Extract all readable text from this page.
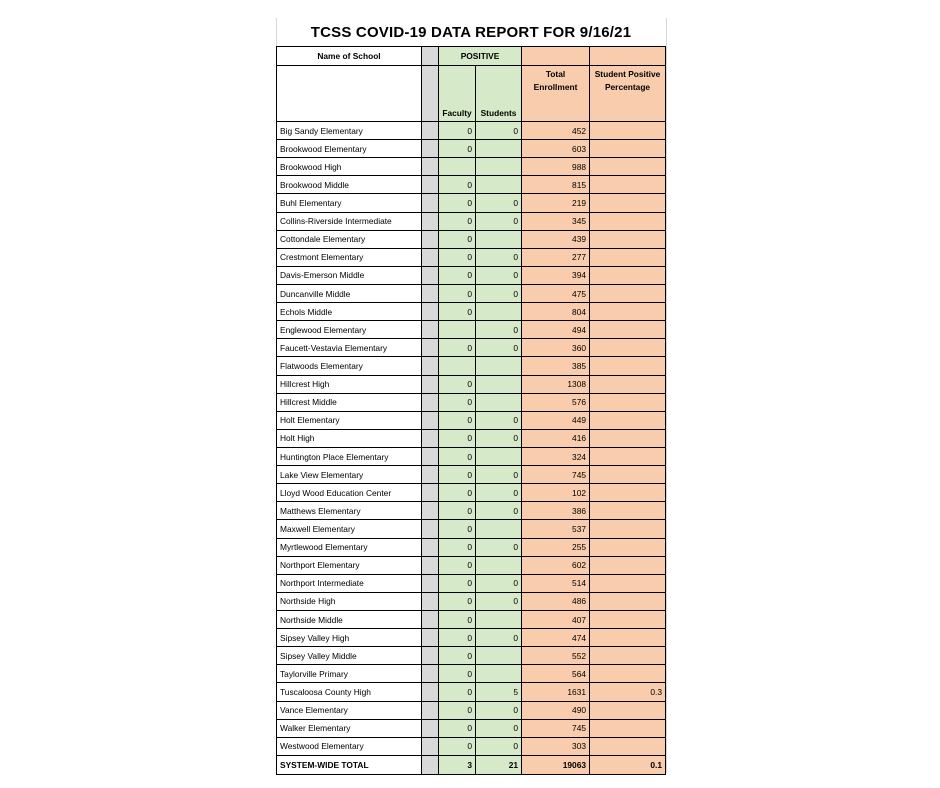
TCSS COVID-19 DATA REPORT FOR 9/16/21
Name of School		POSITIVE			
		Faculty	Students	Total Enrollment	Student Positive Percentage
Big Sandy Elementary		0	0	452	
Brookwood Elementary		0		603	
Brookwood High				988	
Brookwood Middle		0		815	
Buhl Elementary		0	0	219	
Collins-Riverside Intermediate		0	0	345	
Cottondale Elementary		0		439	
Crestmont Elementary		0	0	277	
Davis-Emerson Middle		0	0	394	
Duncanville Middle		0	0	475	
Echols Middle		0		804	
Englewood Elementary			0	494	
Faucett-Vestavia Elementary		0	0	360	
Flatwoods Elementary				385	
Hillcrest High		0		1308	
Hillcrest Middle		0		576	
Holt Elementary		0	0	449	
Holt High		0	0	416	
Huntington Place Elementary		0		324	
Lake View Elementary		0	0	745	
Lloyd Wood Education Center		0	0	102	
Matthews Elementary		0	0	386	
Maxwell Elementary		0		537	
Myrtlewood Elementary		0	0	255	
Northport Elementary		0		602	
Northport Intermediate		0	0	514	
Northside High		0	0	486	
Northside Middle		0		407	
Sipsey Valley High		0	0	474	
Sipsey Valley Middle		0		552	
Taylorville Primary		0		564	
Tuscaloosa County High		0	5	1631	0.3
Vance Elementary		0	0	490	
Walker Elementary		0	0	745	
Westwood Elementary		0	0	303	
SYSTEM-WIDE TOTAL		3	21	19063	0.1
